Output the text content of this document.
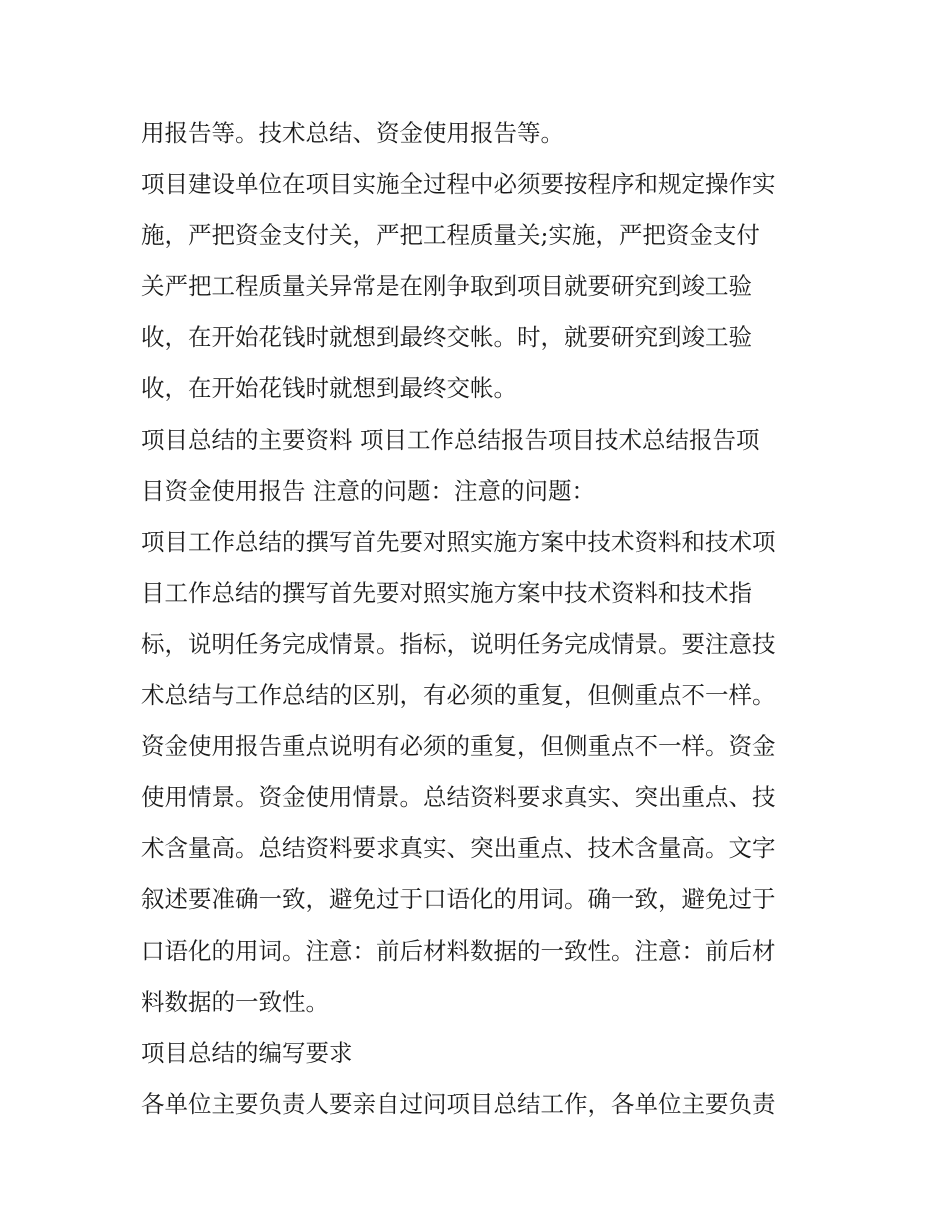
用报告等。技术总结、资金使用报告等。
项目建设单位在项目实施全过程中必须要按程序和规定操作实
施，严把资金支付关，严把工程质量关;实施，严把资金支付
关严把工程质量关异常是在刚争取到项目就要研究到竣工验
收，在开始花钱时就想到最终交帐。时，就要研究到竣工验
收，在开始花钱时就想到最终交帐。
项目总结的主要资料 项目工作总结报告项目技术总结报告项
目资金使用报告 注意的问题：注意的问题：
项目工作总结的撰写首先要对照实施方案中技术资料和技术项
目工作总结的撰写首先要对照实施方案中技术资料和技术指
标，说明任务完成情景。指标，说明任务完成情景。要注意技
术总结与工作总结的区别，有必须的重复，但侧重点不一样。
资金使用报告重点说明有必须的重复，但侧重点不一样。资金
使用情景。资金使用情景。总结资料要求真实、突出重点、技
术含量高。总结资料要求真实、突出重点、技术含量高。文字
叙述要准确一致，避免过于口语化的用词。确一致，避免过于
口语化的用词。注意：前后材料数据的一致性。注意：前后材
料数据的一致性。
项目总结的编写要求
各单位主要负责人要亲自过问项目总结工作，各单位主要负责
